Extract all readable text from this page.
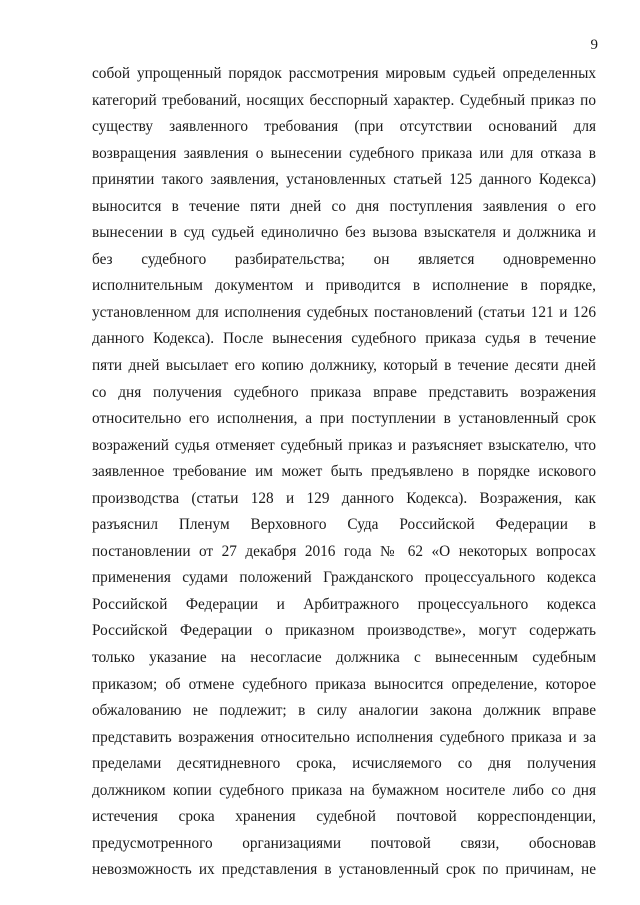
9
собой упрощенный порядок рассмотрения мировым судьей определенных
категорий требований, носящих бесспорный характер. Судебный приказ по
существу заявленного требования (при отсутствии оснований для
возвращения заявления о вынесении судебного приказа или для отказа в
принятии такого заявления, установленных статьей 125 данного Кодекса)
выносится в течение пяти дней со дня поступления заявления о его
вынесении в суд судьей единолично без вызова взыскателя и должника и
без судебного разбирательства; он является одновременно
исполнительным документом и приводится в исполнение в порядке,
установленном для исполнения судебных постановлений (статьи 121 и 126
данного Кодекса). После вынесения судебного приказа судья в течение
пяти дней высылает его копию должнику, который в течение десяти дней
со дня получения судебного приказа вправе представить возражения
относительно его исполнения, а при поступлении в установленный срок
возражений судья отменяет судебный приказ и разъясняет взыскателю, что
заявленное требование им может быть предъявлено в порядке искового
производства (статьи 128 и 129 данного Кодекса). Возражения, как
разъяснил Пленум Верховного Суда Российской Федерации в
постановлении от 27 декабря 2016 года № 62 «О некоторых вопросах
применения судами положений Гражданского процессуального кодекса
Российской Федерации и Арбитражного процессуального кодекса
Российской Федерации о приказном производстве», могут содержать
только указание на несогласие должника с вынесенным судебным
приказом; об отмене судебного приказа выносится определение, которое
обжалованию не подлежит; в силу аналогии закона должник вправе
представить возражения относительно исполнения судебного приказа и за
пределами десятидневного срока, исчисляемого со дня получения
должником копии судебного приказа на бумажном носителе либо со дня
истечения срока хранения судебной почтовой корреспонденции,
предусмотренного организациями почтовой связи, обосновав
невозможность их представления в установленный срок по причинам, не
